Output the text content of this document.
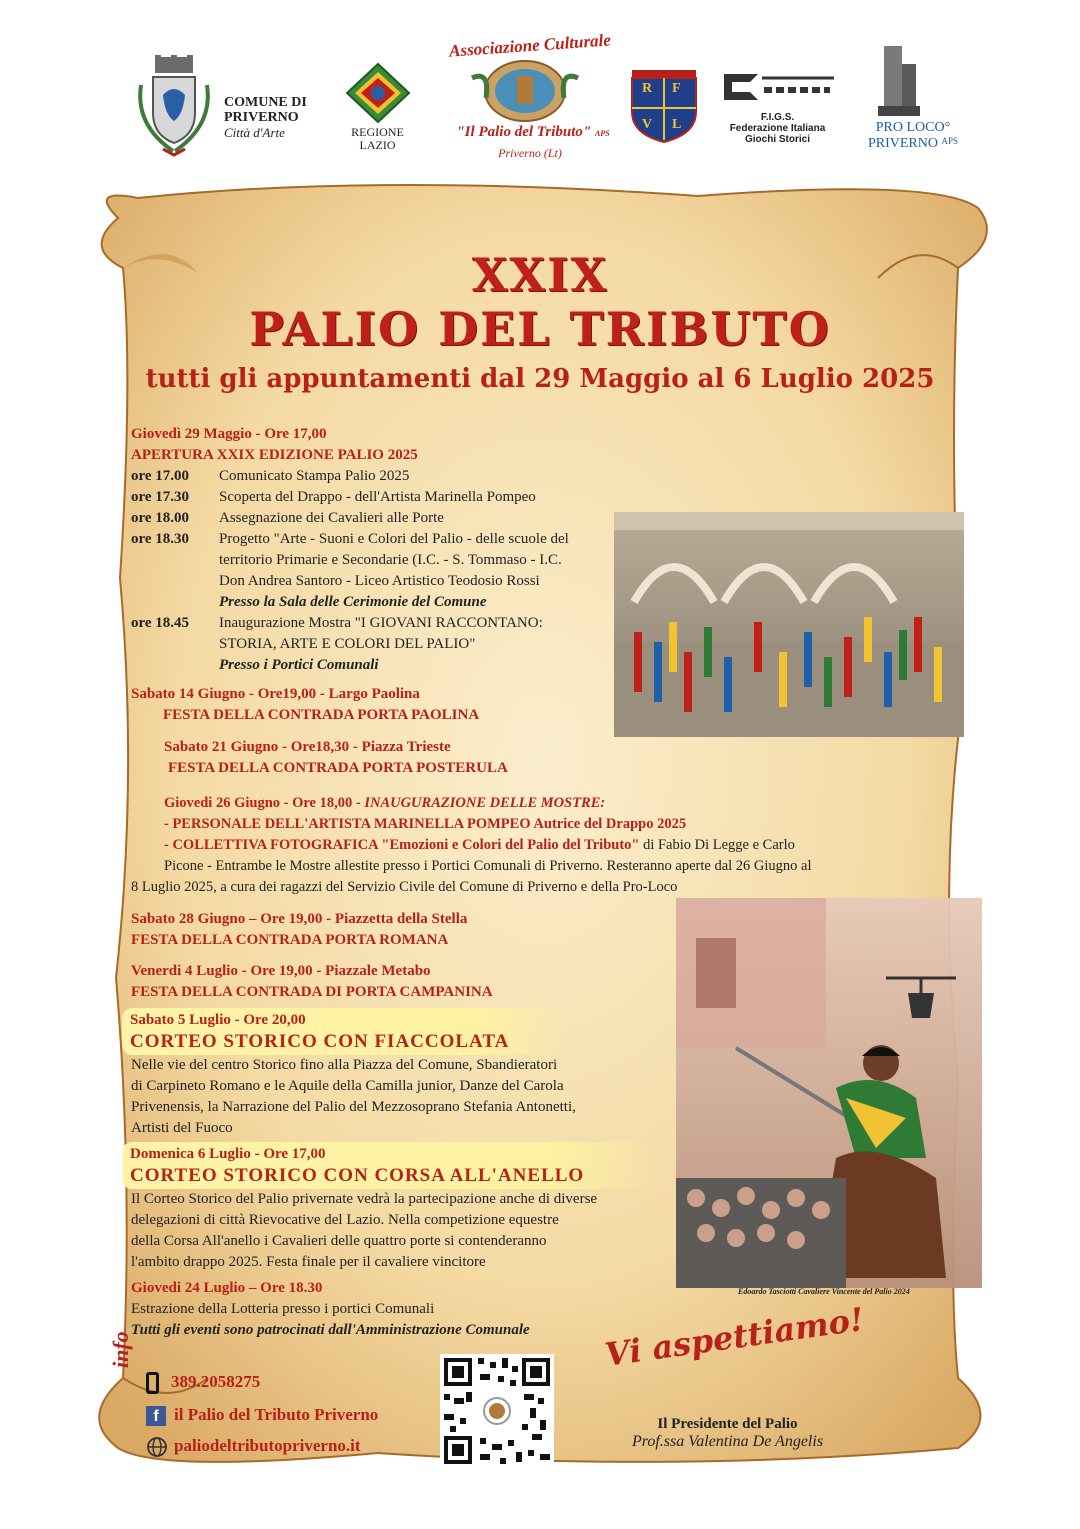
COMUNE DI PRIVERNO
Città d'Arte	REGIONE LAZIO
Associazione Culturale
"Il Palio del Tributo" APS
Priverno (Lt)
R F
V L	F.I.G.S.
Federazione Italiana Giochi Storici
PRO LOCO°
PRIVERNO $^{APS}$
XXIX
PALIO DEL TRIBUTO
tutti gli appuntamenti dal 29 Maggio al 6 Luglio 2025
Giovedì 29 Maggio - Ore 17,00
APERTURA XXIX EDIZIONE PALIO 2025
ore 17.00 Comunicato Stampa Palio 2025
ore 17.30 Scoperta del Drappo - dell'Artista Marinella Pompeo
ore 18.00 Assegnazione dei Cavalieri alle Porte
ore 18.30 Progetto "Arte - Suoni e Colori del Palio - delle scuole del
territorio Primarie e Secondarie (I.C. - S. Tommaso - I.C.
Don Andrea Santoro - Liceo Artistico Teodosio Rossi
Presso la Sala delle Cerimonie del Comune
ore 18.45 Inaugurazione Mostra "I GIOVANI RACCONTANO:
STORIA, ARTE E COLORI DEL PALIO"
Presso i Portici Comunali
Sabato 14 Giugno - Ore19,00 - Largo Paolina
FESTA DELLA CONTRADA PORTA PAOLINA
Sabato 21 Giugno - Ore18,30 - Piazza Trieste
FESTA DELLA CONTRADA PORTA POSTERULA
Giovedi 26 Giugno - Ore 18,00 - INAUGURAZIONE DELLE MOSTRE:
- PERSONALE DELL'ARTISTA MARINELLA POMPEO Autrice del Drappo 2025
- COLLETTIVA FOTOGRAFICA "Emozioni e Colori del Palio del Tributo" di Fabio Di Legge e Carlo
Picone - Entrambe le Mostre allestite presso i Portici Comunali di Priverno. Resteranno aperte dal 26 Giugno al
8 Luglio 2025, a cura dei ragazzi del Servizio Civile del Comune di Priverno e della Pro-Loco
Sabato 28 Giugno – Ore 19,00 - Piazzetta della Stella
FESTA DELLA CONTRADA PORTA ROMANA
Venerdi 4 Luglio - Ore 19,00 - Piazzale Metabo
FESTA DELLA CONTRADA DI PORTA CAMPANINA
Edoardo Tasciotti Cavaliere Vincente del Palio 2024
Sabato 5 Luglio - Ore 20,00
CORTEO STORICO CON FIACCOLATA
Nelle vie del centro Storico fino alla Piazza del Comune, Sbandieratori
di Carpineto Romano e le Aquile della Camilla junior, Danze del Carola
Privenensis, la Narrazione del Palio del Mezzosoprano Stefania Antonetti,
Artisti del Fuoco
Domenica 6 Luglio - Ore 17,00
CORTEO STORICO CON CORSA ALL'ANELLO
Il Corteo Storico del Palio privernate vedrà la partecipazione anche di diverse
delegazioni di città Rievocative del Lazio. Nella competizione equestre
della Corsa All'anello i Cavalieri delle quattro porte si contenderanno
l'ambito drappo 2025. Festa finale per il cavaliere vincitore
Giovedi 24 Luglio – Ore 18.30
Estrazione della Lotteria presso i portici Comunali
Tutti gli eventi sono patrocinati dall'Amministrazione Comunale
info
389.2058275
f il Palio del Tributo Priverno
paliodeltributopriverno.it
Vi aspettiamo!
Il Presidente del Palio
Prof.ssa Valentina De Angelis
